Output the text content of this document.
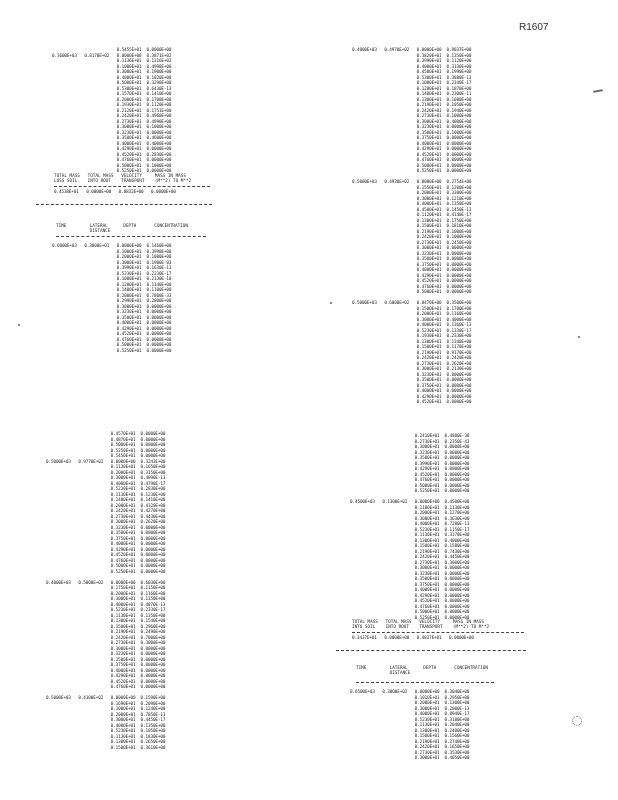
R1607
0.5455E+01  0.0000E+00
0.3600E+03   0.8170E+02   0.0000E+00  0.3871E+02
0.1136E+01  0.1316E+02
0.1000E+01  0.4998E+00
0.3000E+01  0.1900E+00
0.4000E+01  0.1020E+00
0.5000E+01  0.3290E+00
0.5300E+01  0.6430E-13
0.1570E+01  0.1410E+00
0.2000E+01  0.1700E+00
0.1930E+01  0.1120E+00
0.2120E+01  0.1751E+00
0.2420E+01  0.4960E+00
0.2730E+01  0.4990E+00
0.3000E+01  0.1000E+00
0.3230E+01  0.0000E+00
0.3500E+01  0.4600E+00
0.4000E+01  0.4000E+00
0.4290E+01  0.0000E+00
0.4520E+01  0.2830E+00
0.4760E+01  0.0000E+00
0.5000E+01  0.1000E+00
0.5250E+01  0.0000E+00
TOTAL MASS   TOTAL MASS   VELOCITY     MASS IN MASS
LOSS SOIL    INTO ROOT    TRANSPORT    (M**2) TO M**2
0.4538E+01   0.0000E+00   0.8832E+00   0.0000E+00
TIME         LATERAL      DEPTH       CONCENTRATION
DISTANCE
0.6000E+03   0.3000E+01   0.0000E+00  0.1460E+00
0.1000E+01  0.3990E+00
0.2000E+01  0.1000E+00
0.3000E+01  0.1900E-03
0.3990E+01  0.1630E-13
0.5230E+01  0.2230E-17
0.1000E+01  0.2130E-10
0.1200E+01  0.1140E+00
0.1400E+01  0.1100E+00
0.2000E+01  0.7800E-33
0.2990E+01  0.2800E+00
0.3000E+01  0.0000E+00
0.3230E+01  0.0000E+00
0.3500E+01  0.0000E+00
0.4000E+01  0.0000E+00
0.4290E+01  0.0000E+00
0.4520E+01  0.0000E+00
0.4760E+01  0.0000E+00
0.5000E+01  0.0000E+00
0.5250E+01  0.0000E+00
0.4570E+01  0.0000E+00
0.4870E+01  0.0000E+00
0.5000E+01  0.0000E+00
0.5250E+01  0.0000E+00
0.5450E+01  0.0000E+00
0.5000E+03   0.9770E+02   0.0000E+00  0.3243E+00
0.1130E+01  0.1650E+00
0.2000E+01  0.3150E+00
0.3000E+01  0.4890E-13
0.4000E+01  0.4790E-17
0.5230E+01  0.2830E+00
0.1130E+01  0.1230E+00
0.1400E+01  0.1410E+00
0.2000E+01  0.4320E+00
0.2420E+01  0.4270E+00
0.2730E+01  0.4430E+00
0.3000E+01  0.2620E+00
0.3230E+01  0.0000E+00
0.3500E+01  0.0000E+00
0.3750E+01  0.0000E+00
0.4000E+01  0.0000E+00
0.4290E+01  0.0000E+00
0.4520E+01  0.0000E+00
0.4760E+01  0.0000E+00
0.5000E+01  0.0000E+00
0.5250E+01  0.0000E+00

0.4000E+03   0.5000E+02   0.0000E+00  0.6030E+00
0.1750E+01  0.1150E+00
0.2000E+01  0.1160E+00
0.3000E+01  0.1350E+00
0.4000E+01  0.4870E-13
0.5230E+01  0.2330E-17
0.1130E+01  0.1350E+00
0.1300E+01  0.1540E+00
0.1500E+01  0.2960E+00
0.2190E+01  0.2490E+00
0.2420E+01  0.7000E+00
0.2730E+01  0.3000E+00
0.3000E+01  0.0000E+00
0.3230E+01  0.0000E+00
0.3500E+01  0.0000E+00
0.3750E+01  0.0000E+00
0.4000E+01  0.0000E+00
0.4290E+01  0.0000E+00
0.4520E+01  0.0000E+00
0.4760E+01  0.0000E+00

0.5000E+03   0.4100E+02   0.0000E+00  0.1590E+00
0.1690E+01  0.2090E+00
0.1000E+01  0.1240E+00
0.2000E+01  0.7850E-13
0.3000E+01  0.4450E-17
0.4000E+01  0.1350E+00
0.5230E+01  0.1050E+00
0.1130E+01  0.1830E+00
0.1300E+01  0.2650E+00
0.1500E+01  0.3610E+00
0.4000E+03   0.4970E+02   0.0000E+00  0.9037E+00
0.3820E+01  0.1350E+00
0.3990E+01  0.1120E+00
0.4000E+01  0.3130E+00
0.4500E+01  0.1990E+00
0.5300E+01  0.3880E-13
0.1000E+01  0.2340E-17
0.1200E+01  0.1870E+00
0.1400E+01  0.2300E-11
0.1300E+01  0.1080E+00
0.2190E+01  0.1050E+00
0.2420E+01  0.1940E+00
0.2730E+01  0.1000E+00
0.3000E+01  0.4000E+00
0.3230E+01  0.0000E+00
0.3500E+01  0.1000E+00
0.3750E+01  0.0000E+00
0.4000E+01  0.0000E+00
0.4290E+01  0.0000E+00
0.4520E+01  0.0000E+00
0.4760E+01  0.0000E+00
0.5000E+01  0.0000E+00
0.5250E+01  0.0000E+00

0.5000E+03   0.4930E+02   0.8000E+00  0.2754E+00
0.1550E+01  0.1200E+00
0.2000E+01  0.3300E+00
0.3000E+01  0.1210E+00
0.4000E+01  0.1350E+00
0.4500E+01  0.1450E-13
0.1120E+01  0.4140E-17
0.1300E+01  0.1750E+00
0.1500E+01  0.1810E+00
0.2190E+01  0.1000E+00
0.2420E+01  0.1000E+00
0.2730E+01  0.2450E+00
0.3000E+01  0.0000E+00
0.3230E+01  0.0000E+00
0.3500E+01  0.0000E+00
0.3750E+01  0.0000E+00
0.4000E+01  0.0000E+00
0.4290E+01  0.0000E+00
0.4520E+01  0.0000E+00
0.4760E+01  0.0000E+00
0.5000E+01  0.0000E+00

0.5000E+03   0.6000E+02   0.8470E+00  0.3500E+00
0.1500E+01  0.1700E+00
0.2000E+01  0.1160E+00
0.3000E+01  0.4000E+00
0.4000E+01  0.1360E-13
0.5230E+01  0.1330E-17
0.1930E+01  0.2330E+00
0.1300E+01  0.1340E+00
0.1500E+01  0.1170E+00
0.2190E+01  0.9170E+00
0.2420E+01  0.2420E+00
0.2730E+01  0.2620E+00
0.3000E+01  0.2130E+00
0.3230E+01  0.0000E+00
0.3500E+01  0.0000E+00
0.3750E+01  0.0000E+00
0.4000E+01  0.0000E+00
0.4290E+01  0.0000E+00
0.4520E+01  0.0000E+00
0.2410E+01  0.4880E-38
0.2730E+01  0.2350E-43
0.3000E+01  0.0000E+00
0.3230E+01  0.0000E+00
0.3500E+01  0.0000E+00
0.3990E+01  0.0000E+00
0.4290E+01  0.0000E+00
0.4520E+01  0.0000E+00
0.4760E+01  0.0000E+00
0.5000E+01  0.0000E+00
0.5250E+01  0.0000E+00

0.4500E+03   0.1300E+02   0.0000E+00  0.4500E+00
0.1100E+01  0.1130E+00
0.2000E+01  0.1270E+00
0.3000E+01  0.3630E+00
0.4000E+01  0.7280E-13
0.5230E+01  0.1150E-17
0.1130E+01  0.3170E+00
0.1300E+01  0.4000E+00
0.1500E+01  0.1580E+00
0.2190E+01  0.7430E+00
0.2420E+01  0.4450E+00
0.2730E+01  0.3000E+00
0.3000E+01  0.0000E+00
0.3230E+01  0.0000E+00
0.3500E+01  0.0000E+00
0.3750E+01  0.0000E+00
0.4000E+01  0.0000E+00
0.4290E+01  0.0000E+00
0.4520E+01  0.0000E+00
0.4760E+01  0.0000E+00
0.5000E+01  0.0000E+00
0.5250E+01  0.0000E+00
TOTAL MASS   TOTAL MASS   VELOCITY     MASS IN MASS
INTO SOIL    INTO ROOT    TRANSPORT    (M**2) TO M**2
0.3437E+01   0.0000E+00   0.4837E+01   0.0000E+00
TIME         LATERAL      DEPTH       CONCENTRATION
DISTANCE
0.6500E+03   0.3000E+02   0.0000E+00  0.3040E+00
0.1010E+01  0.2950E+00
0.2000E+01  0.1300E+00
0.3000E+01  0.2000E-13
0.4000E+01  0.8940E-17
0.5230E+01  0.3180E+00
0.1130E+01  0.2040E+00
0.1300E+01  0.2400E+00
0.1500E+01  0.1560E+00
0.2190E+01  0.2740E+00
0.2420E+01  0.1650E+00
0.2730E+01  0.3530E+00
0.3000E+01  0.4050E+00
